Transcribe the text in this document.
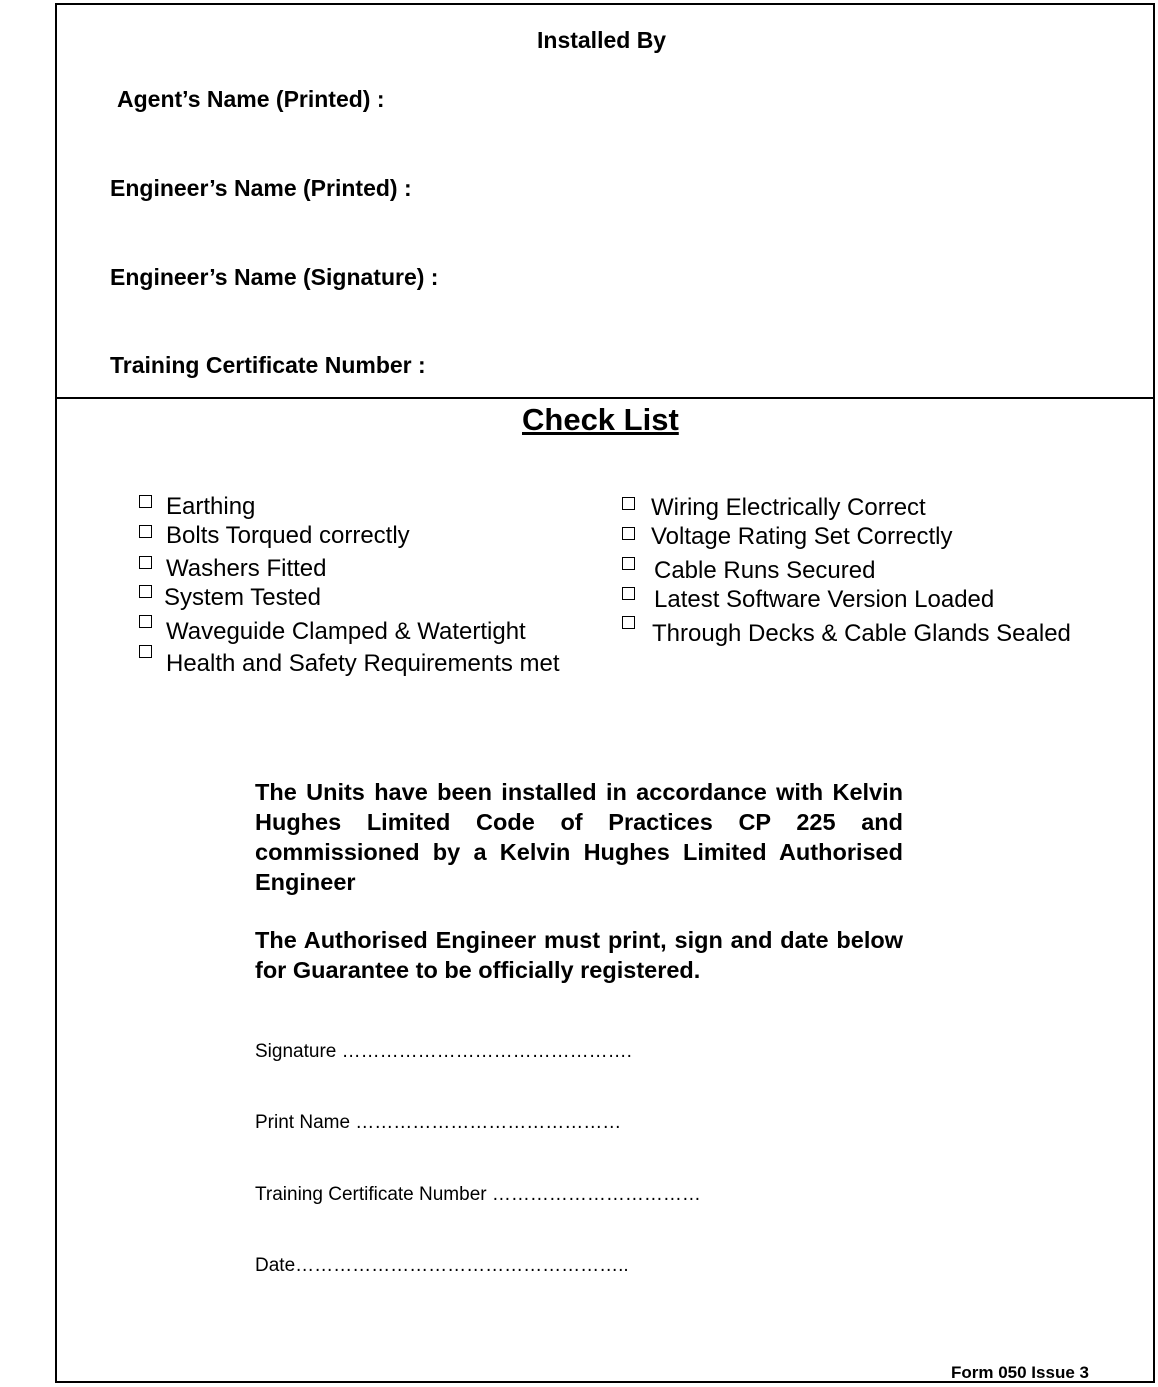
Installed By
Agent’s Name (Printed) :
Engineer’s Name (Printed) :
Engineer’s Name (Signature) :
Training Certificate Number :
Check List
Earthing
Bolts Torqued correctly
Washers Fitted
System Tested
Waveguide Clamped & Watertight
Health and Safety Requirements met
Wiring Electrically Correct
Voltage Rating Set Correctly
Cable Runs Secured
Latest Software Version Loaded
Through Decks & Cable Glands Sealed
The Units have been installed in accordance with Kelvin Hughes Limited Code of Practices CP 225 and commissioned by a Kelvin Hughes Limited Authorised Engineer
The Authorised Engineer must print, sign and date below for Guarantee to be officially registered.
Signature ……………………………………….
Print Name ……………………………………
Training Certificate Number ……………………………
Date……………………………………………..
Form 050 Issue 3
